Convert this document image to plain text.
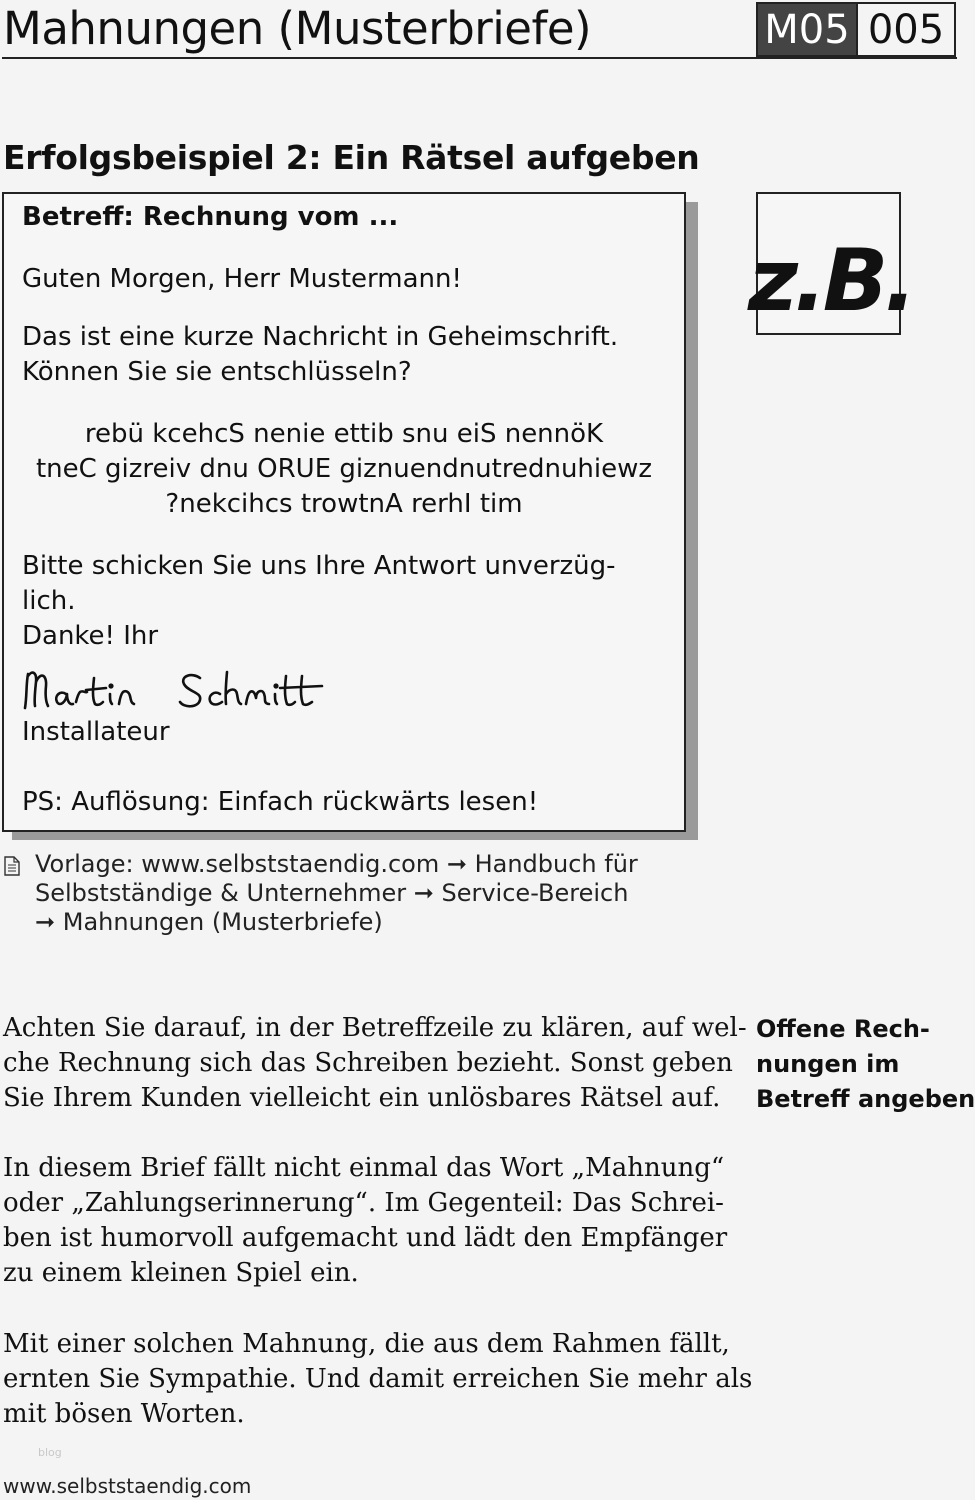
Mahnungen (Musterbriefe)	M05 005
Erfolgsbeispiel 2: Ein Rätsel aufgeben
Betreff: Rechnung vom ...
Guten Morgen, Herr Mustermann!
Das ist eine kurze Nachricht in Geheimschrift.
Können Sie sie entschlüsseln?
rebü kcehcS nenie ettib snu eiS nennöK
tneC gizreiv dnu ORUE giznuendnutrednuhiewz
?nekcihcs trowtnA rerhI tim
Bitte schicken Sie uns Ihre Antwort unverzüg-
lich.
Danke! Ihr
Installateur
PS: Auflösung: Einfach rückwärts lesen!
z.B.
Vorlage: www.selbststaendig.com ➞ Handbuch für
Selbstständige & Unternehmer ➞ Service-Bereich
➞ Mahnungen (Musterbriefe)
Achten Sie darauf, in der Betreffzeile zu klären, auf wel-
che Rechnung sich das Schreiben bezieht. Sonst geben
Sie Ihrem Kunden vielleicht ein unlösbares Rätsel auf.
In diesem Brief fällt nicht einmal das Wort „Mahnung“
oder „Zahlungserinnerung“. Im Gegenteil: Das Schrei-
ben ist humorvoll aufgemacht und lädt den Empfänger
zu einem kleinen Spiel ein.
Mit einer solchen Mahnung, die aus dem Rahmen fällt,
ernten Sie Sympathie. Und damit erreichen Sie mehr als
mit bösen Worten.
Offene Rech-
nungen im
Betreff angeben
blog
www.selbststaendig.com
